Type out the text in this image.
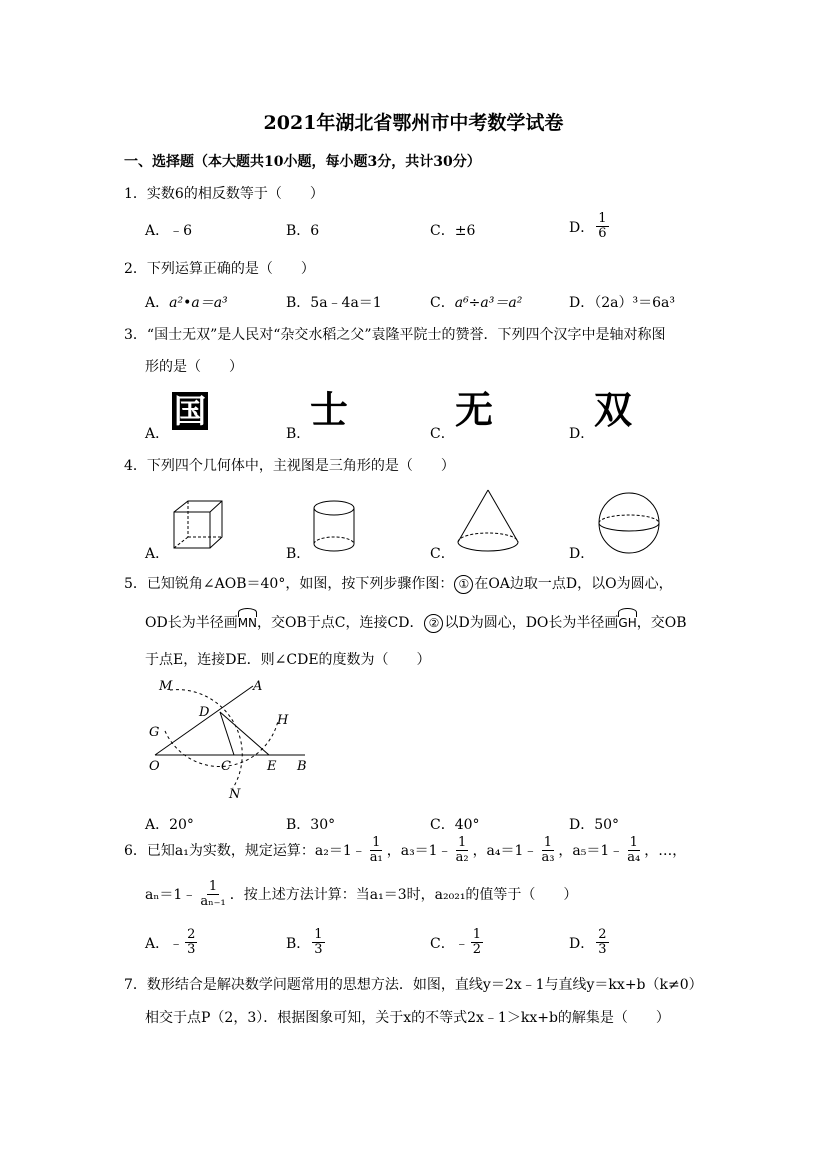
2021年湖北省鄂州市中考数学试卷
一、选择题（本大题共10小题，每小题3分，共计30分）
1．实数6的相反数等于（　　）
A．﹣6	B．6	C．±6	D． $\frac{1}{6}$
2．下列运算正确的是（　　）
A．a²•a＝a³	B．5a﹣4a＝1	C．a⁶÷a³＝a²	D．（2a）³＝6a³
3．“国士无双”是人民对“杂交水稻之父”袁隆平院士的赞誉．下列四个汉字中是轴对称图
形的是（　　）
A．
国
B．
士
C．
无
D．
双
4．下列四个几何体中，主视图是三角形的是（　　）
A．	B．	C．	D．
5．已知锐角∠AOB＝40°，如图，按下列步骤作图： ① 在OA边取一点D，以O为圆心，
OD长为半径画MN，交OB于点C，连接CD． ② 以D为圆心，DO长为半径画GH，交OB
于点E，连接DE．则∠CDE的度数为（　　）
M	A
D
H
G
O	C	E B
N
A．20°	B．30°	C．40°	D．50°
6．已知a₁为实数，规定运算：a₂＝1﹣ $\frac{1}{\text{a₁}}$ ，a₃＝1﹣ $\frac{1}{\text{a₂}}$ ，a₄＝1﹣ $\frac{1}{\text{a₃}}$ ，a₅＝1﹣ $\frac{1}{\text{a₄}}$ ，…，
aₙ＝1﹣ $\frac{1}{\text{aₙ₋₁}}$ ．按上述方法计算：当a₁＝3时，a₂₀₂₁的值等于（　　）
A．﹣ $\frac{2}{3}$	B． $\frac{1}{3}$	C．﹣ $\frac{1}{2}$	D． $\frac{2}{3}$
7．数形结合是解决数学问题常用的思想方法．如图，直线y＝2x﹣1与直线y＝kx+b（k≠0）
相交于点P（2，3）．根据图象可知，关于x的不等式2x﹣1＞kx+b的解集是（　　）
